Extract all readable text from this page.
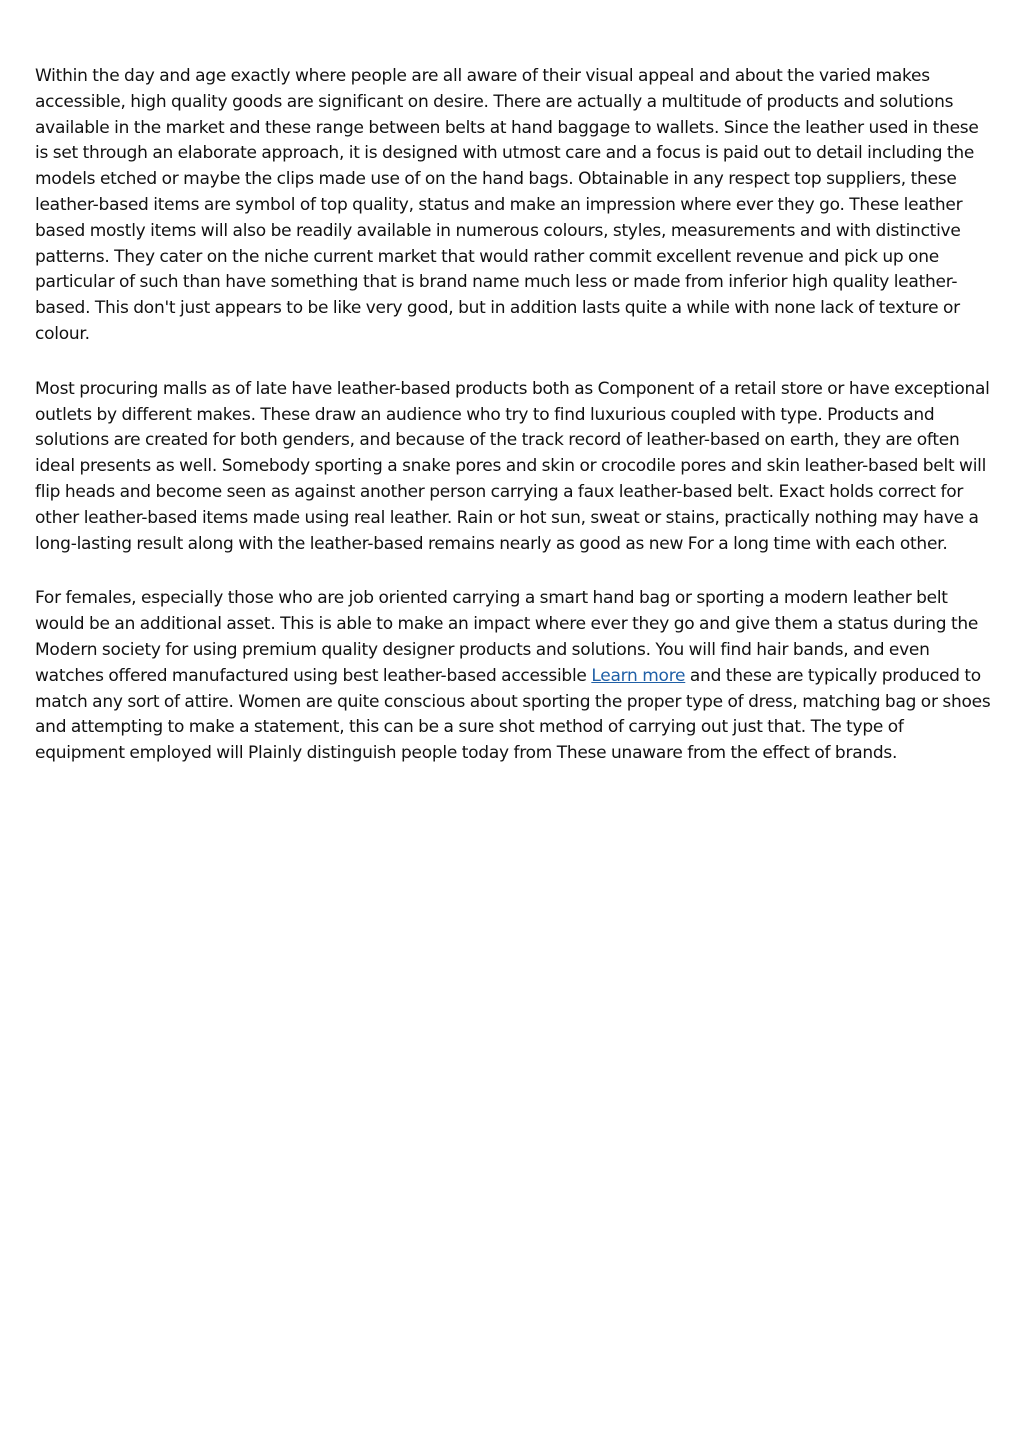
Within the day and age exactly where people are all aware of their visual appeal and about the varied makes accessible, high quality goods are significant on desire. There are actually a multitude of products and solutions available in the market and these range between belts at hand baggage to wallets. Since the leather used in these is set through an elaborate approach, it is designed with utmost care and a focus is paid out to detail including the models etched or maybe the clips made use of on the hand bags. Obtainable in any respect top suppliers, these leather-based items are symbol of top quality, status and make an impression where ever they go. These leather based mostly items will also be readily available in numerous colours, styles, measurements and with distinctive patterns. They cater on the niche current market that would rather commit excellent revenue and pick up one particular of such than have something that is brand name much less or made from inferior high quality leather-based. This don't just appears to be like very good, but in addition lasts quite a while with none lack of texture or colour.

Most procuring malls as of late have leather-based products both as Component of a retail store or have exceptional outlets by different makes. These draw an audience who try to find luxurious coupled with type. Products and solutions are created for both genders, and because of the track record of leather-based on earth, they are often ideal presents as well. Somebody sporting a snake pores and skin or crocodile pores and skin leather-based belt will flip heads and become seen as against another person carrying a faux leather-based belt. Exact holds correct for other leather-based items made using real leather. Rain or hot sun, sweat or stains, practically nothing may have a long-lasting result along with the leather-based remains nearly as good as new For a long time with each other.

For females, especially those who are job oriented carrying a smart hand bag or sporting a modern leather belt would be an additional asset. This is able to make an impact where ever they go and give them a status during the Modern society for using premium quality designer products and solutions. You will find hair bands, and even watches offered manufactured using best leather-based accessible Learn more and these are typically produced to match any sort of attire. Women are quite conscious about sporting the proper type of dress, matching bag or shoes and attempting to make a statement, this can be a sure shot method of carrying out just that. The type of equipment employed will Plainly distinguish people today from These unaware from the effect of brands.
